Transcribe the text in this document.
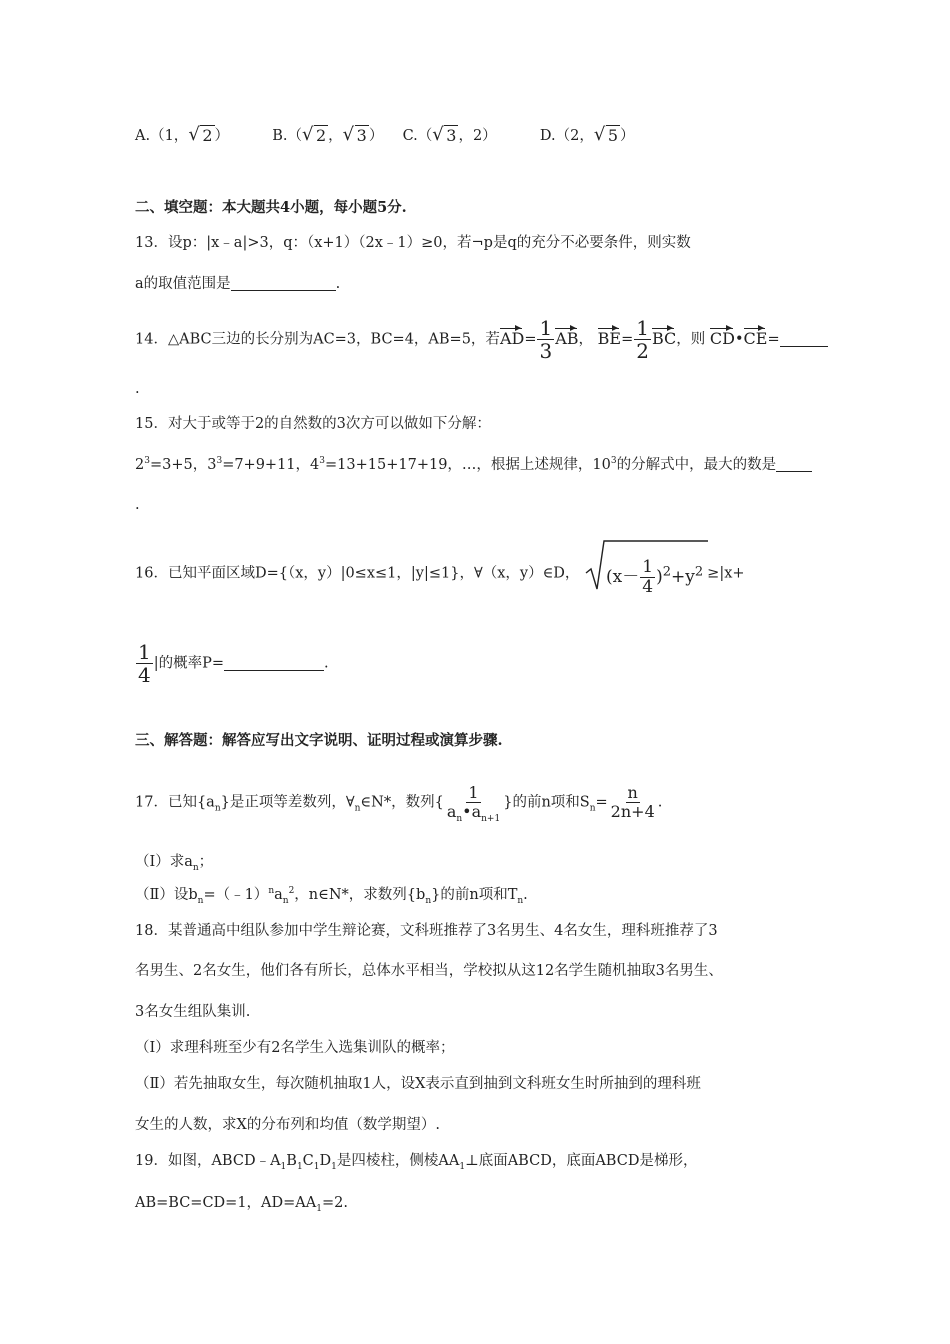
A.（1， √ 2 ）	B.（ √ 2 ， √ 3 ） C.（ √ 3 ，2）	D.（2， √ 5 ）
二、填空题：本大题共4小题，每小题5分.
13．设p：|x﹣a|>3，q：（x+1）（2x﹣1）≥0，若¬p是q的充分不必要条件，则实数
a的取值范围是	.
14．△ABC三边的长分别为AC=3，BC=4，AB=5，若$AD= \frac{1}{3}$ AB， $BE= \frac{1}{2}$ BC，则 CD•CE=
.
15．对大于或等于2的自然数的3次方可以做如下分解：
$2^3=3+5$，$3^3=7+9+11$，$4^3=13+15+17+19$，…，根据上述规律，$10^3$的分解式中，最大的数是
.
16．已知平面区域D={（x，y）|0≤x≤1，|y|≤1}，∀（x，y）∈D， $(x- \frac{1}{4} )^2+y^2 \ge|x+$
$\frac{1}{4}$ |的概率P=	.
三、解答题：解答应写出文字说明、证明过程或演算步骤.
17．已知$\{a_n\}$是正项等差数列，$\forall_n\in N*$，数列{ $\frac{1}{a_n•a_{n+1}}$ }的前n项和$S_n= \frac{n}{2n+4}$ .
（Ⅰ）求$a_n$；
（Ⅱ）设$b_n=(﹣1)^na_n^2$，n∈N*，求数列$\{b_n\}$的前n项和$T_n$.
18．某普通高中组队参加中学生辩论赛，文科班推荐了3名男生、4名女生，理科班推荐了3
名男生、2名女生，他们各有所长，总体水平相当，学校拟从这12名学生随机抽取3名男生、
3名女生组队集训.
（Ⅰ）求理科班至少有2名学生入选集训队的概率；
（Ⅱ）若先抽取女生，每次随机抽取1人，设X表示直到抽到文科班女生时所抽到的理科班
女生的人数，求X的分布列和均值（数学期望）.
19．如图，$ABCD﹣A_1B_1C_1D_1$是四棱柱，侧棱$AA_1\perp$底面ABCD，底面ABCD是梯形，
AB=BC=CD=1，$AD=AA_1=2$.
